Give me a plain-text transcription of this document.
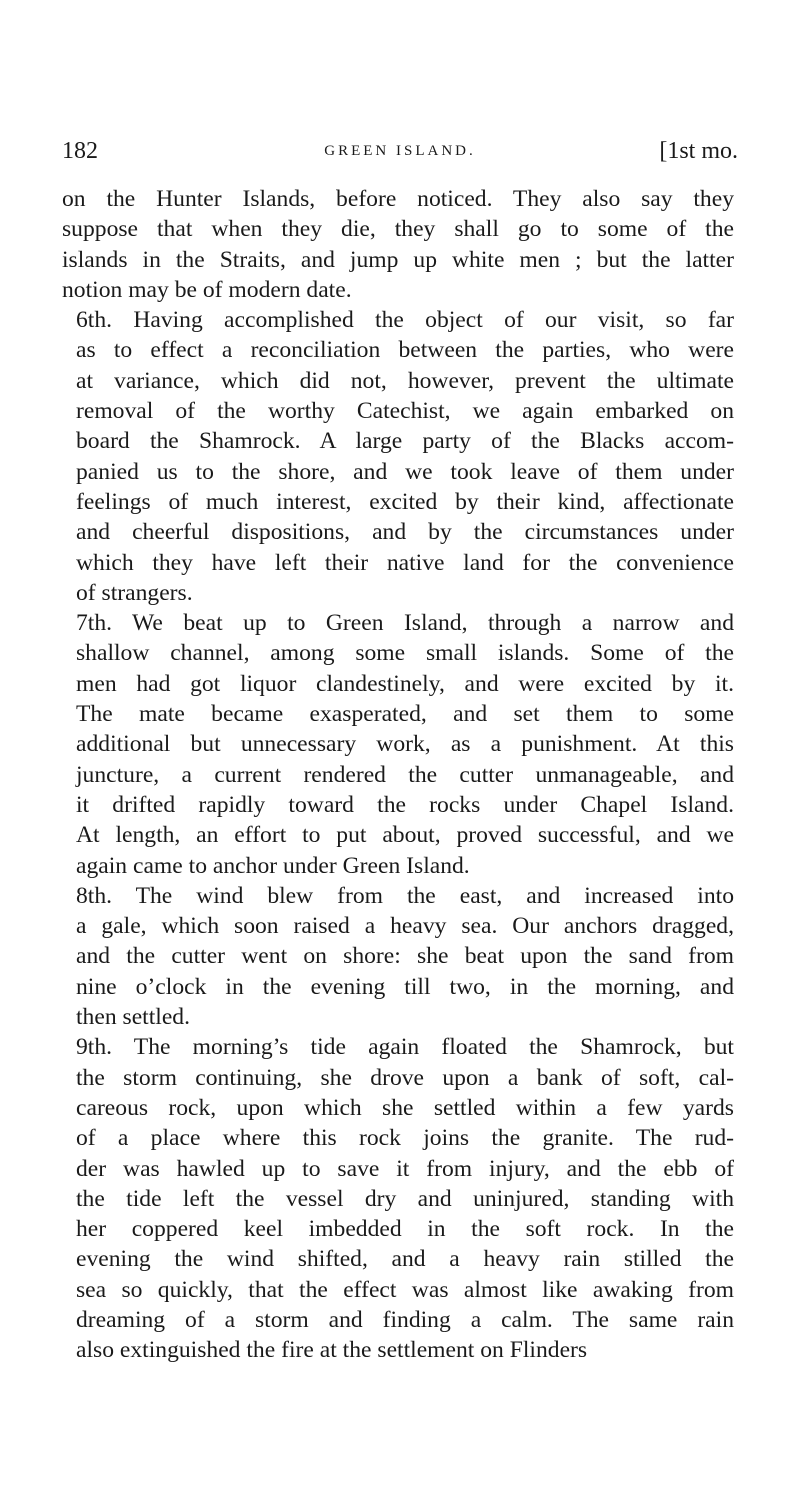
182	GREEN ISLAND.	[1st mo.

on the Hunter Islands, before noticed. They also say they
suppose that when they die, they shall go to some of the
islands in the Straits, and jump up white men ; but the latter
notion may be of modern date.

6th. Having accomplished the object of our visit, so far
as to effect a reconciliation between the parties, who were
at variance, which did not, however, prevent the ultimate
removal of the worthy Catechist, we again embarked on
board the Shamrock. A large party of the Blacks accom-
panied us to the shore, and we took leave of them under
feelings of much interest, excited by their kind, affectionate
and cheerful dispositions, and by the circumstances under
which they have left their native land for the convenience
of strangers.

7th. We beat up to Green Island, through a narrow and
shallow channel, among some small islands. Some of the
men had got liquor clandestinely, and were excited by it.
The mate became exasperated, and set them to some
additional but unnecessary work, as a punishment. At this
juncture, a current rendered the cutter unmanageable, and
it drifted rapidly toward the rocks under Chapel Island.
At length, an effort to put about, proved successful, and we
again came to anchor under Green Island.

8th. The wind blew from the east, and increased into
a gale, which soon raised a heavy sea. Our anchors dragged,
and the cutter went on shore: she beat upon the sand from
nine o’clock in the evening till two, in the morning, and
then settled.

9th. The morning’s tide again floated the Shamrock, but
the storm continuing, she drove upon a bank of soft, cal-
careous rock, upon which she settled within a few yards
of a place where this rock joins the granite. The rud-
der was hawled up to save it from injury, and the ebb of
the tide left the vessel dry and uninjured, standing with
her coppered keel imbedded in the soft rock. In the
evening the wind shifted, and a heavy rain stilled the
sea so quickly, that the effect was almost like awaking from
dreaming of a storm and finding a calm. The same rain
also extinguished the fire at the settlement on Flinders
